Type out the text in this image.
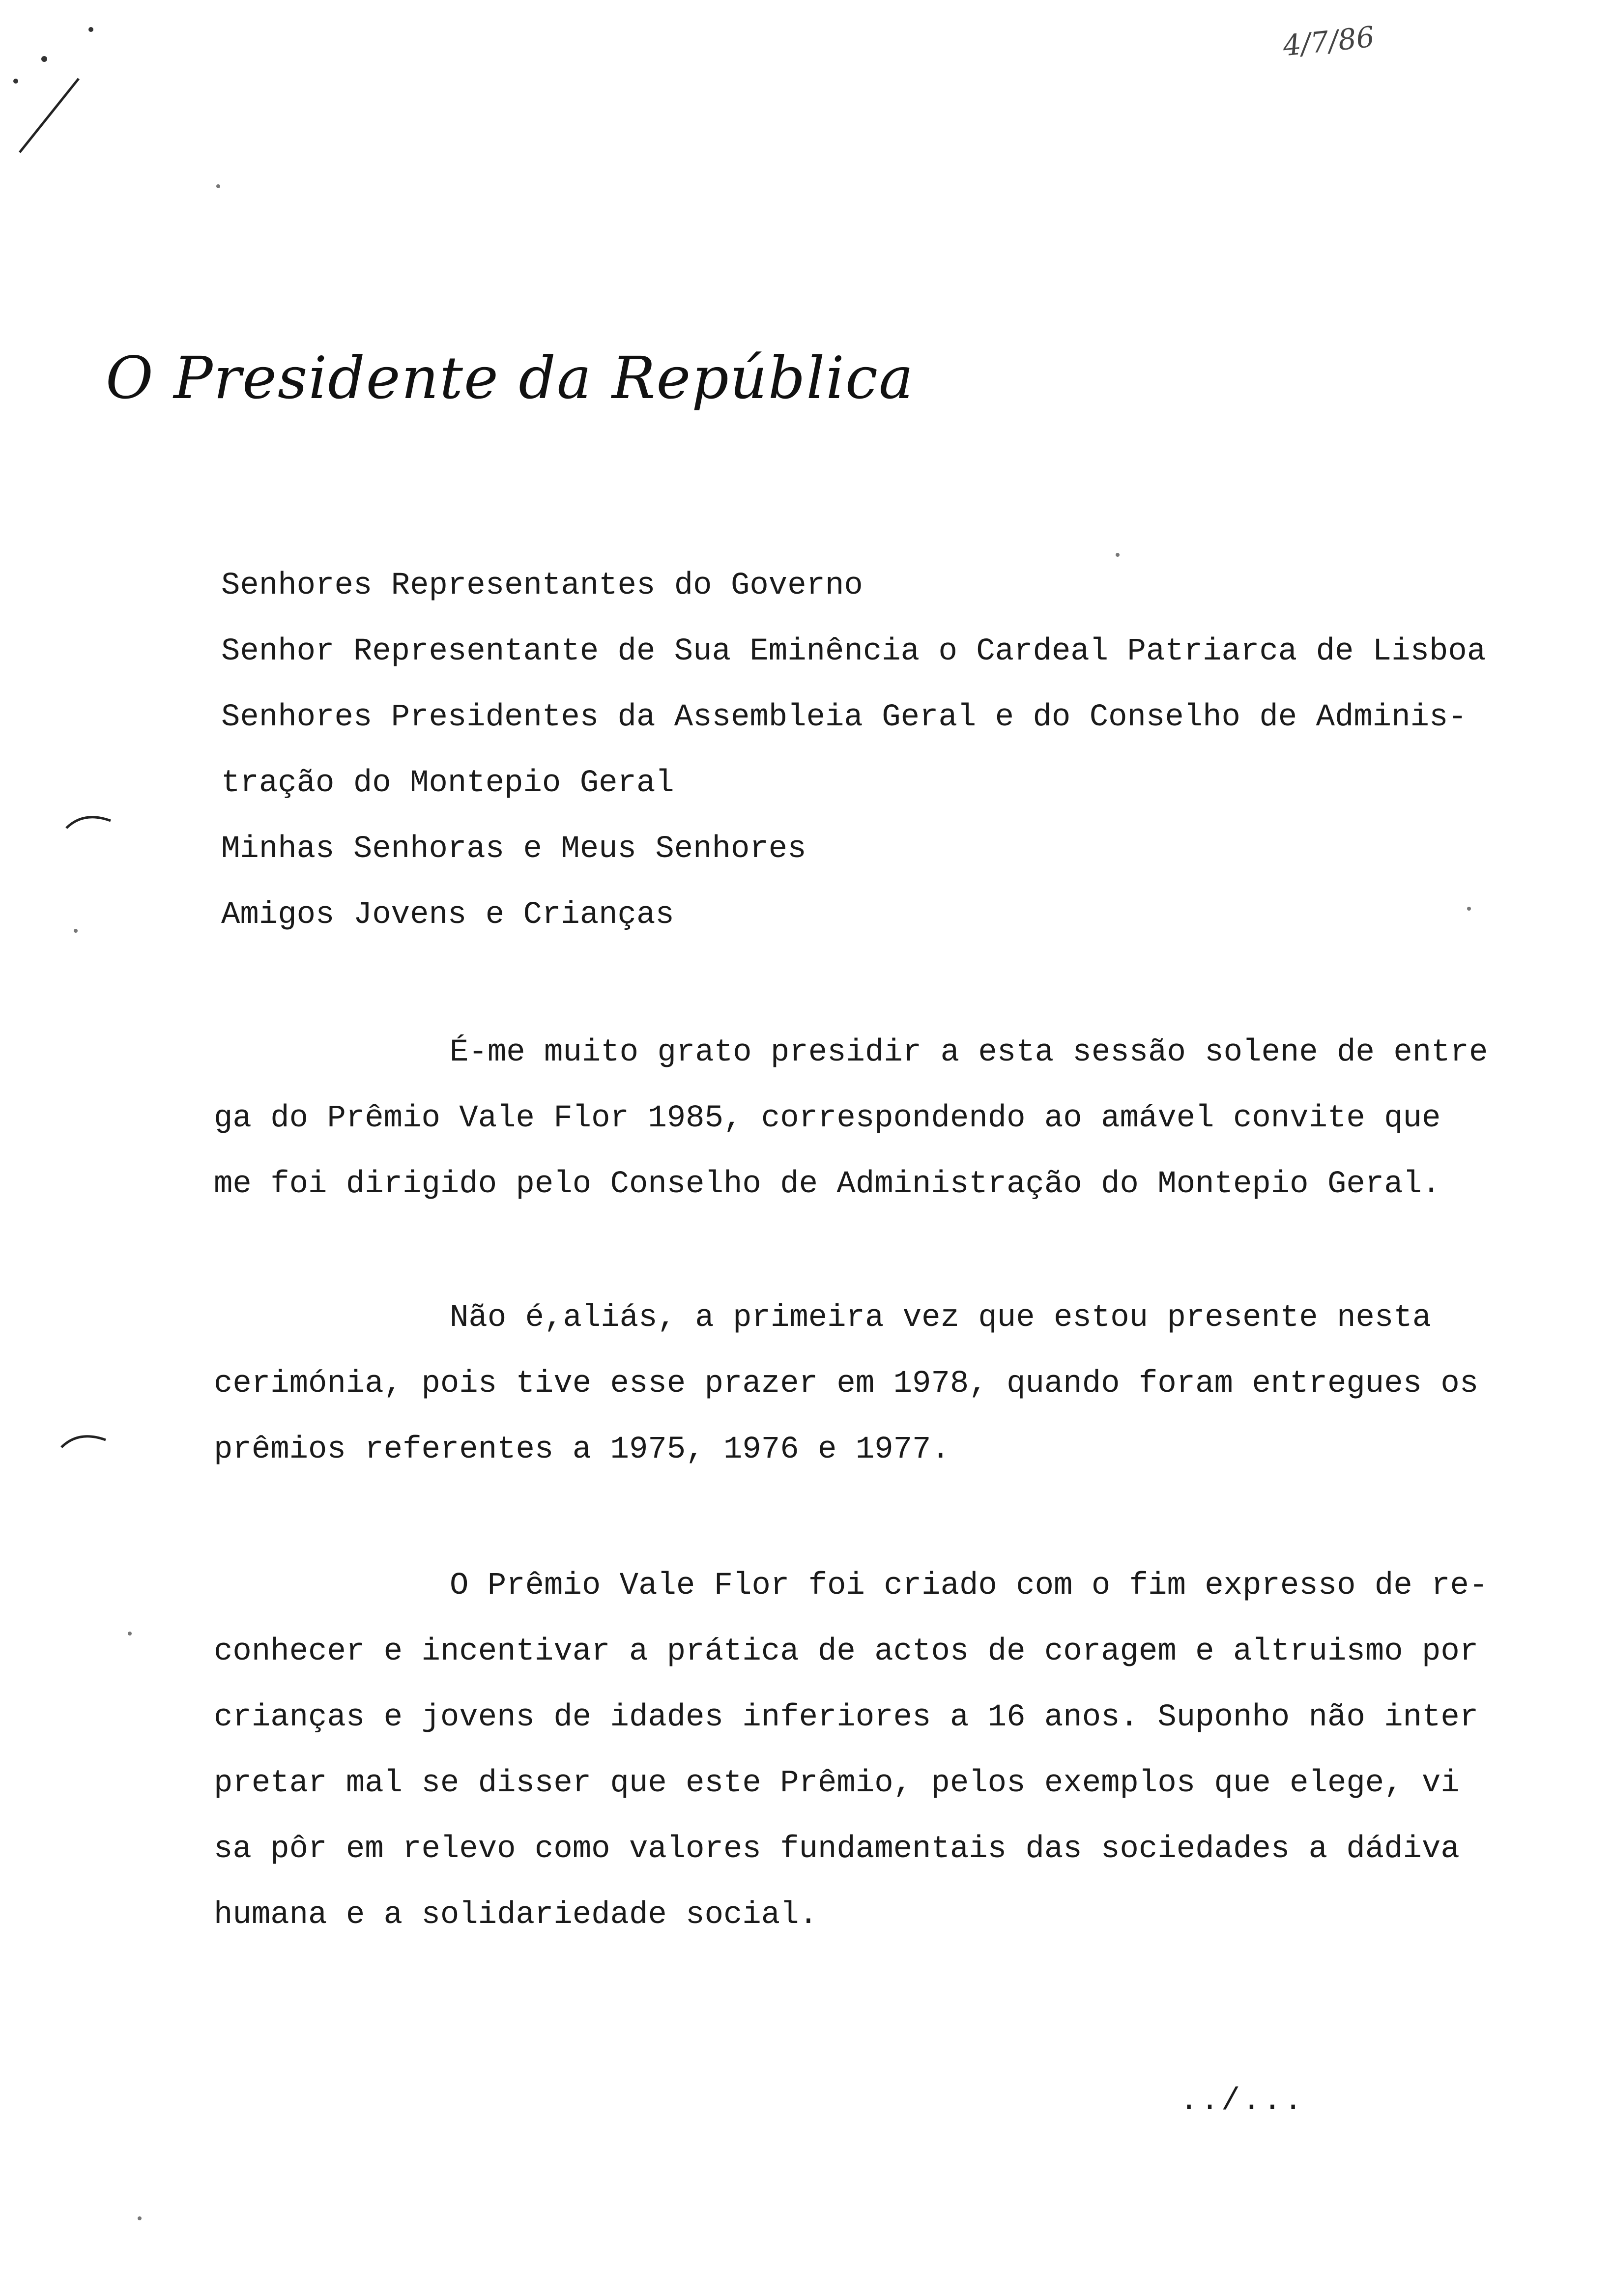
4/7/86
O Presidente da República
Senhores Representantes do Governo
Senhor Representante de Sua Eminência o Cardeal Patriarca de Lisboa
Senhores Presidentes da Assembleia Geral e do Conselho de Adminis-
tração do Montepio Geral
Minhas Senhoras e Meus Senhores
Amigos Jovens e Crianças
É-me muito grato presidir a esta sessão solene de entre
ga do Prêmio Vale Flor 1985, correspondendo ao amável convite que
me foi dirigido pelo Conselho de Administração do Montepio Geral.
Não é,aliás, a primeira vez que estou presente nesta
cerimónia, pois tive esse prazer em 1978, quando foram entregues os
prêmios referentes a 1975, 1976 e 1977.
O Prêmio Vale Flor foi criado com o fim expresso de re-
conhecer e incentivar a prática de actos de coragem e altruismo por
crianças e jovens de idades inferiores a 16 anos. Suponho não inter
pretar mal se disser que este Prêmio, pelos exemplos que elege, vi
sa pôr em relevo como valores fundamentais das sociedades a dádiva
humana e a solidariedade social.
../...
